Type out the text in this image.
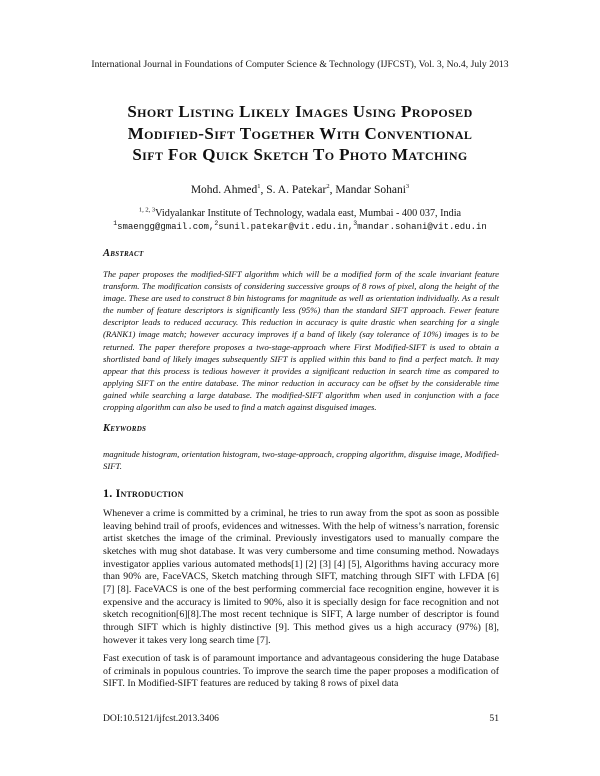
International Journal in Foundations of Computer Science & Technology (IJFCST), Vol. 3, No.4, July 2013
Short Listing Likely Images Using Proposed
Modified-Sift Together With Conventional
Sift For Quick Sketch To Photo Matching
Mohd. Ahmed$^1$, S. A. Patekar$^2$, Mandar Sohani$^3$
$^{1, 2, 3}$Vidyalankar Institute of Technology, wadala east, Mumbai - 400 037, India
$^1$smaengg@gmail.com,$^2$sunil.patekar@vit.edu.in,$^3$mandar.sohani@vit.edu.in
Abstract
The paper proposes the modified-SIFT algorithm which will be a modified form of the scale invariant feature transform. The modification consists of considering successive groups of 8 rows of pixel, along the height of the image. These are used to construct 8 bin histograms for magnitude as well as orientation individually. As a result the number of feature descriptors is significantly less (95%) than the standard SIFT approach. Fewer feature descriptor leads to reduced accuracy. This reduction in accuracy is quite drastic when searching for a single (RANK1) image match; however accuracy improves if a band of likely (say tolerance of 10%) images is to be returned. The paper therefore proposes a two-stage-approach where First Modified-SIFT is used to obtain a shortlisted band of likely images subsequently SIFT is applied within this band to find a perfect match. It may appear that this process is tedious however it provides a significant reduction in search time as compared to applying SIFT on the entire database. The minor reduction in accuracy can be offset by the considerable time gained while searching a large database. The modified-SIFT algorithm when used in conjunction with a face cropping algorithm can also be used to find a match against disguised images.
Keywords
magnitude histogram, orientation histogram, two-stage-approach, cropping algorithm, disguise image, Modified-SIFT.
1. Introduction
Whenever a crime is committed by a criminal, he tries to run away from the spot as soon as possible leaving behind trail of proofs, evidences and witnesses. With the help of witness’s narration, forensic artist sketches the image of the criminal. Previously investigators used to manually compare the sketches with mug shot database. It was very cumbersome and time consuming method. Nowadays investigator applies various automated methods[1] [2] [3] [4] [5], Algorithms having accuracy more than 90% are, FaceVACS, Sketch matching through SIFT, matching through SIFT with LFDA [6] [7] [8]. FaceVACS is one of the best performing commercial face recognition engine, however it is expensive and the accuracy is limited to 90%, also it is specially design for face recognition and not sketch recognition[6][8].The most recent technique is SIFT, A large number of descriptor is found through SIFT which is highly distinctive [9]. This method gives us a high accuracy (97%) [8], however it takes very long search time [7].
Fast execution of task is of paramount importance and advantageous considering the huge Database of criminals in populous countries. To improve the search time the paper proposes a modification of SIFT. In Modified-SIFT features are reduced by taking 8 rows of pixel data
DOI:10.5121/ijfcst.2013.3406	51
